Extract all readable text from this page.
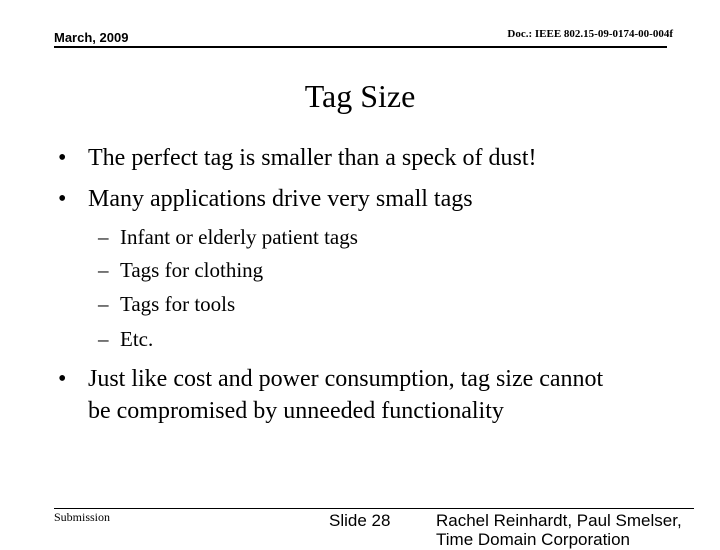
March, 2009	Doc.: IEEE 802.15-09-0174-00-004f
Tag Size
• The perfect tag is smaller than a speck of dust!
• Many applications drive very small tags
– Infant or elderly patient tags
– Tags for clothing
– Tags for tools
– Etc.
• Just like cost and power consumption, tag size cannot
be compromised by unneeded functionality
Submission	Slide 28	Rachel Reinhardt, Paul Smelser,
Time Domain Corporation
